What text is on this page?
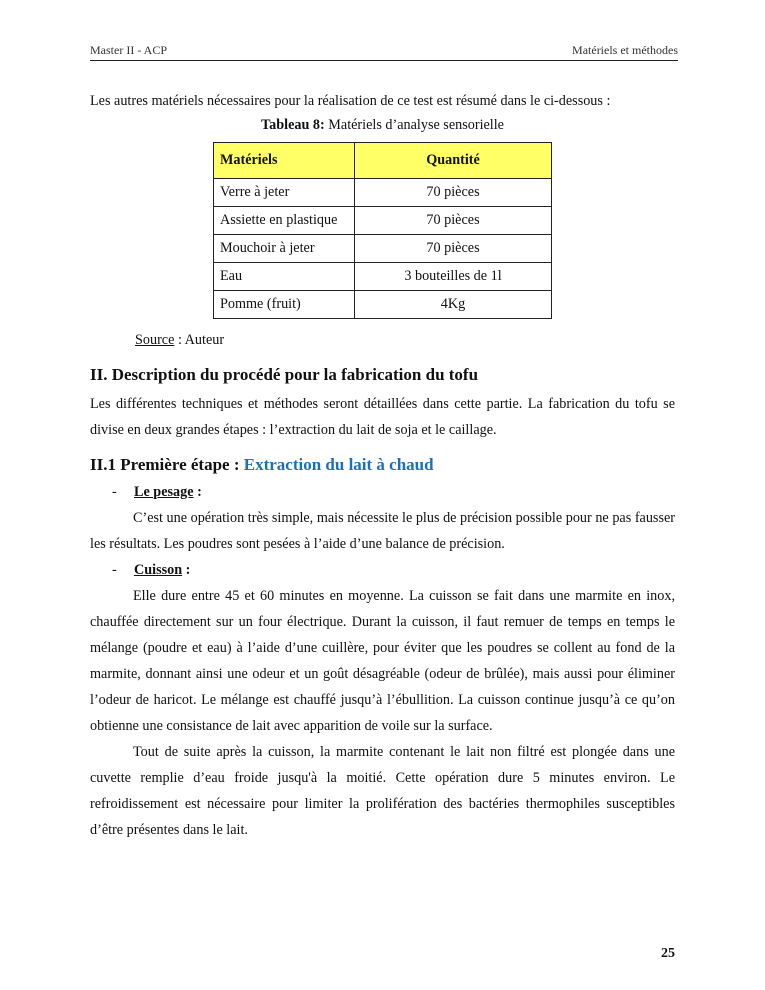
Master II - ACP	Matériels et méthodes

Les autres matériels nécessaires pour la réalisation de ce test est résumé dans le ci-dessous :

Tableau 8: Matériels d’analyse sensorielle
Matériels	Quantité
Verre à jeter	70 pièces
Assiette en plastique	70 pièces
Mouchoir à jeter	70 pièces
Eau	3 bouteilles de 1l
Pomme (fruit)	4Kg
Source : Auteur
II. Description du procédé pour la fabrication du tofu

Les différentes techniques et méthodes seront détaillées dans cette partie. La fabrication du tofu se divise en deux grandes étapes : l’extraction du lait de soja et le caillage.

II.1 Première étape : Extraction du lait à chaud
-	Le pesage :

C’est une opération très simple, mais nécessite le plus de précision possible pour ne pas fausser les résultats. Les poudres sont pesées à l’aide d’une balance de précision.

-	Cuisson :

Elle dure entre 45 et 60 minutes en moyenne. La cuisson se fait dans une marmite en inox, chauffée directement sur un four électrique. Durant la cuisson, il faut remuer de temps en temps le mélange (poudre et eau) à l’aide d’une cuillère, pour éviter que les poudres se collent au fond de la marmite, donnant ainsi une odeur et un goût désagréable (odeur de brûlée), mais aussi pour éliminer l’odeur de haricot. Le mélange est chauffé jusqu’à l’ébullition. La cuisson continue jusqu’à ce qu’on obtienne une consistance de lait avec apparition de voile sur la surface.

Tout de suite après la cuisson, la marmite contenant le lait non filtré est plongée dans une cuvette remplie d’eau froide jusqu'à la moitié. Cette opération dure 5 minutes environ. Le refroidissement est nécessaire pour limiter la prolifération des bactéries thermophiles susceptibles d’être présentes dans le lait.

25
